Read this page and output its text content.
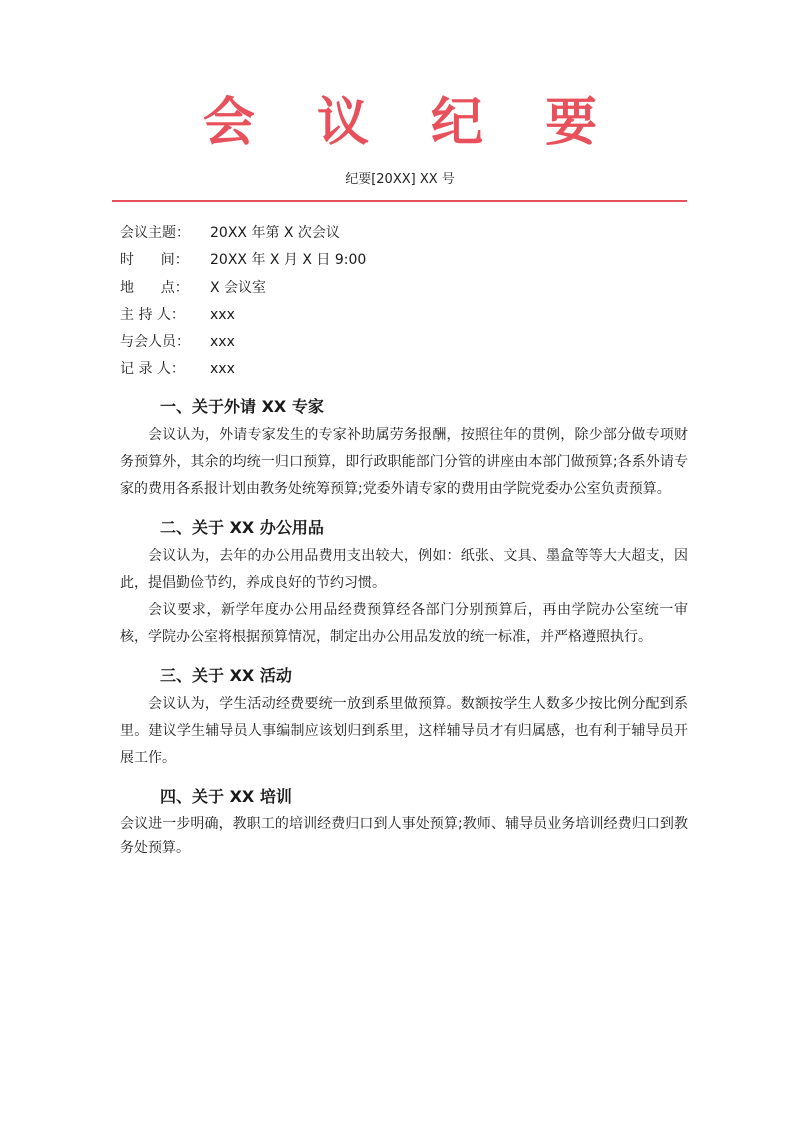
会 议 纪 要
纪要[20XX] XX 号
会议主题：	20XX 年第 X 次会议
时      间：	20XX 年 X 月 X 日 9:00
地      点：	X 会议室
主 持 人：	xxx
与会人员：	xxx
记 录 人：	xxx
一、关于外请 XX 专家

会议认为，外请专家发生的专家补助属劳务报酬，按照往年的贯例，除少部分做专项财务预算外，其余的均统一归口预算，即行政职能部门分管的讲座由本部门做预算;各系外请专家的费用各系报计划由教务处统筹预算;党委外请专家的费用由学院党委办公室负责预算。

二、关于 XX 办公用品

会议认为，去年的办公用品费用支出较大，例如：纸张、文具、墨盒等等大大超支，因此，提倡勤俭节约，养成良好的节约习惯。

会议要求，新学年度办公用品经费预算经各部门分别预算后，再由学院办公室统一审核，学院办公室将根据预算情况，制定出办公用品发放的统一标准，并严格遵照执行。

三、关于 XX 活动

会议认为，学生活动经费要统一放到系里做预算。数额按学生人数多少按比例分配到系里。建议学生辅导员人事编制应该划归到系里，这样辅导员才有归属感，也有利于辅导员开展工作。

四、关于 XX 培训

会议进一步明确，教职工的培训经费归口到人事处预算;教师、辅导员业务培训经费归口到教务处预算。
